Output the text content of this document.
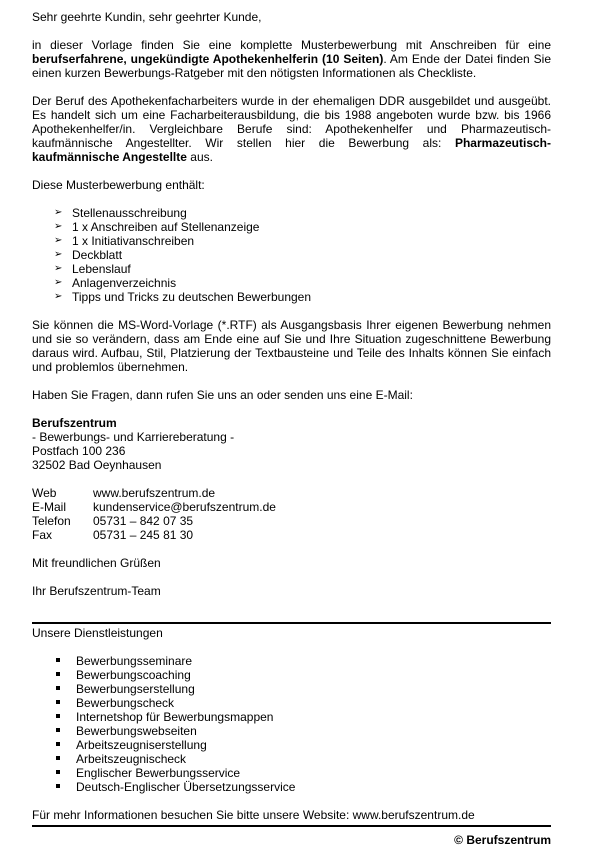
Sehr geehrte Kundin, sehr geehrter Kunde,

in dieser Vorlage finden Sie eine komplette Musterbewerbung mit Anschreiben für eine berufserfahrene, ungekündigte Apothekenhelferin (10 Seiten). Am Ende der Datei finden Sie einen kurzen Bewerbungs-Ratgeber mit den nötigsten Informationen als Checkliste.

Der Beruf des Apothekenfacharbeiters wurde in der ehemaligen DDR ausgebildet und ausgeübt. Es handelt sich um eine Facharbeiterausbildung, die bis 1988 angeboten wurde bzw. bis 1966 Apothekenhelfer/in. Vergleichbare Berufe sind: Apothekenhelfer und Pharmazeutisch-kaufmännische Angestellter. Wir stellen hier die Bewerbung als: Pharmazeutisch-kaufmännische Angestellte aus.

Diese Musterbewerbung enthält:

➢ Stellenausschreibung
➢ 1 x Anschreiben auf Stellenanzeige
➢ 1 x Initiativanschreiben
➢ Deckblatt
➢ Lebenslauf
➢ Anlagenverzeichnis
➢ Tipps und Tricks zu deutschen Bewerbungen

Sie können die MS-Word-Vorlage (*.RTF) als Ausgangsbasis Ihrer eigenen Bewerbung nehmen und sie so verändern, dass am Ende eine auf Sie und Ihre Situation zugeschnittene Bewerbung daraus wird. Aufbau, Stil, Platzierung der Textbausteine und Teile des Inhalts können Sie einfach und problemlos übernehmen.

Haben Sie Fragen, dann rufen Sie uns an oder senden uns eine E-Mail:

Berufszentrum

- Bewerbungs- und Karriereberatung -

Postfach 100 236

32502 Bad Oeynhausen

Web	www.berufszentrum.de
E-Mail	kundenservice@berufszentrum.de
Telefon	05731 – 842 07 35
Fax	05731 – 245 81 30

Mit freundlichen Grüßen

Ihr Berufszentrum-Team

Unsere Dienstleistungen

Bewerbungsseminare
Bewerbungscoaching
Bewerbungserstellung
Bewerbungscheck
Internetshop für Bewerbungsmappen
Bewerbungswebseiten
Arbeitszeugniserstellung
Arbeitszeugnischeck
Englischer Bewerbungsservice
Deutsch-Englischer Übersetzungsservice

Für mehr Informationen besuchen Sie bitte unsere Website: www.berufszentrum.de

© Berufszentrum
